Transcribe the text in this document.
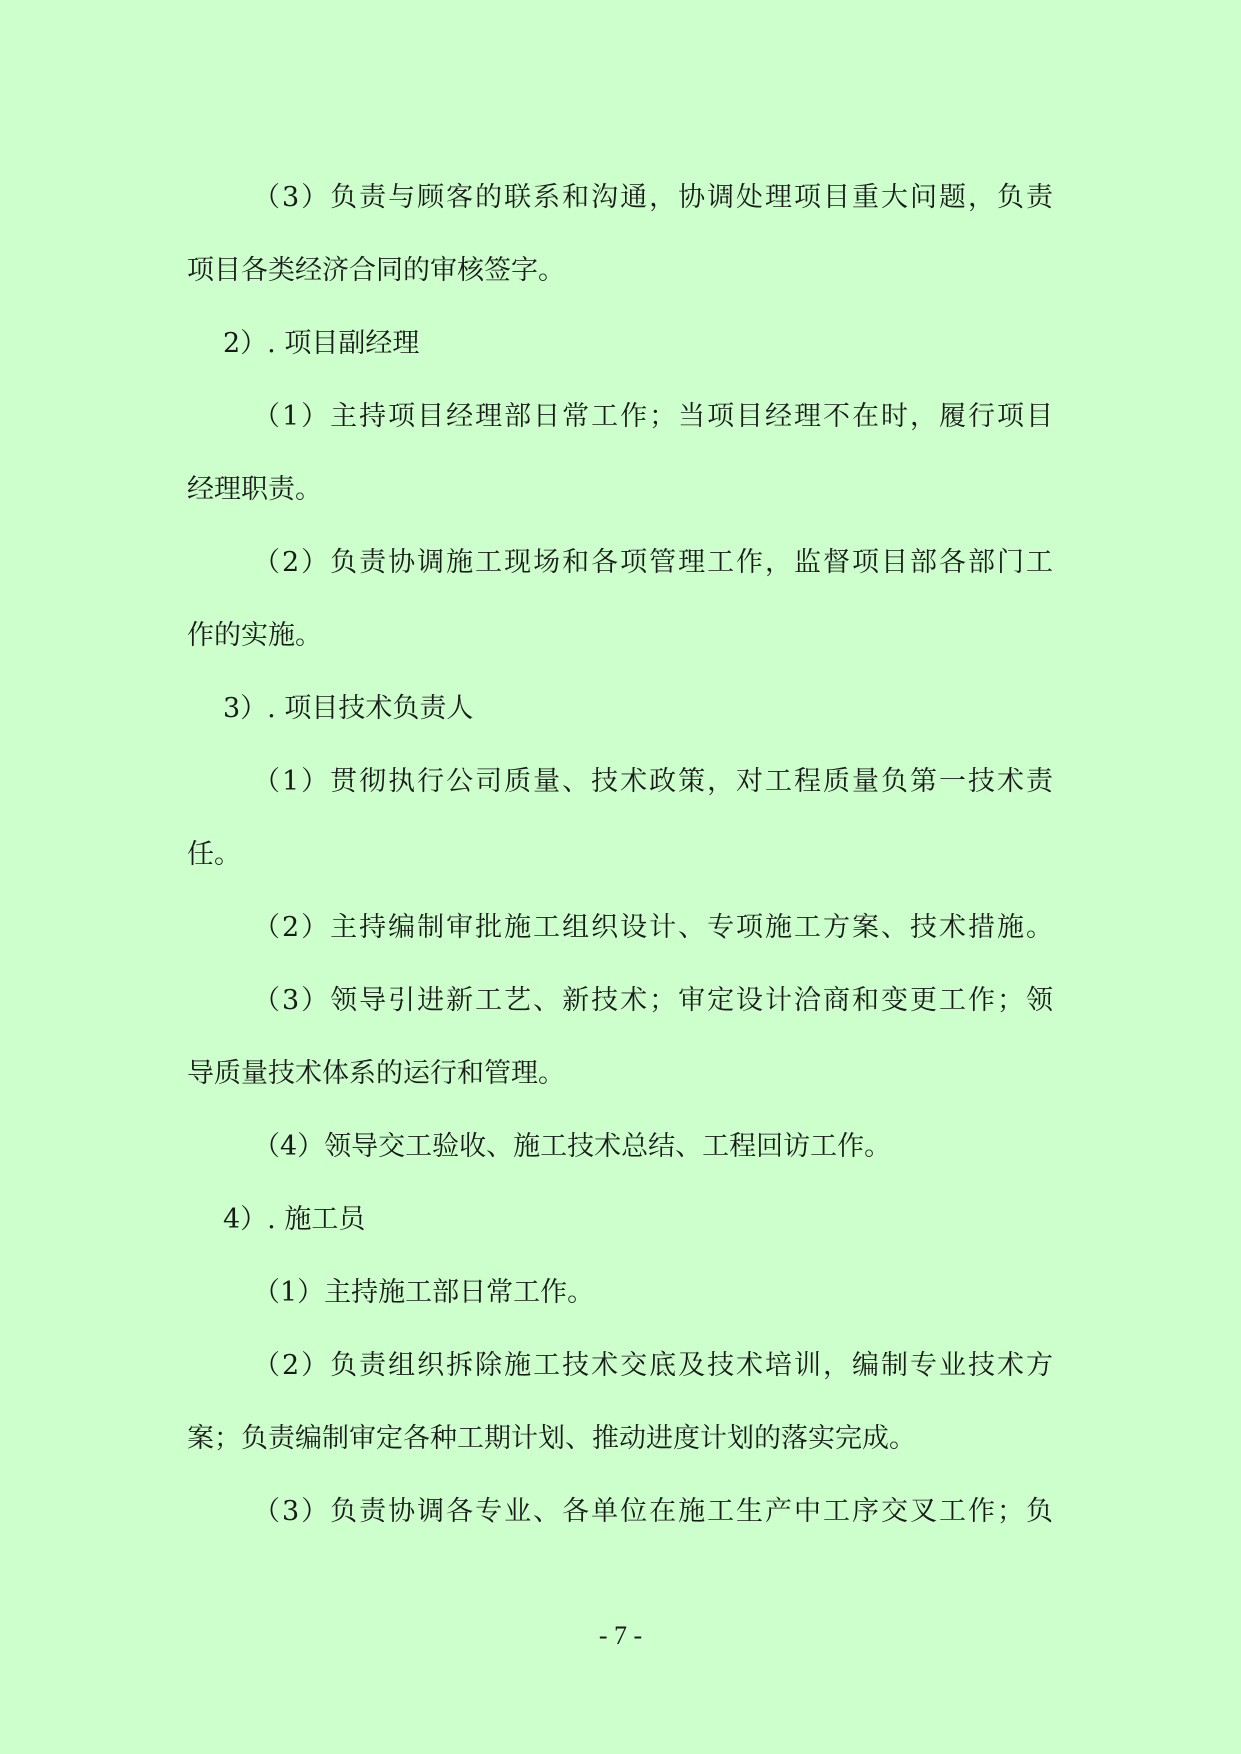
（3）负责与顾客的联系和沟通，协调处理项目重大问题，负责
项目各类经济合同的审核签字。
2）. 项目副经理
（1）主持项目经理部日常工作；当项目经理不在时，履行项目
经理职责。
（2）负责协调施工现场和各项管理工作，监督项目部各部门工
作的实施。
3）. 项目技术负责人
（1）贯彻执行公司质量、技术政策，对工程质量负第一技术责
任。
（2）主持编制审批施工组织设计、专项施工方案、技术措施。
（3）领导引进新工艺、新技术；审定设计洽商和变更工作；领
导质量技术体系的运行和管理。
（4）领导交工验收、施工技术总结、工程回访工作。
4）. 施工员
（1）主持施工部日常工作。
（2）负责组织拆除施工技术交底及技术培训，编制专业技术方
案；负责编制审定各种工期计划、推动进度计划的落实完成。
（3）负责协调各专业、各单位在施工生产中工序交叉工作；负
- 7 -
